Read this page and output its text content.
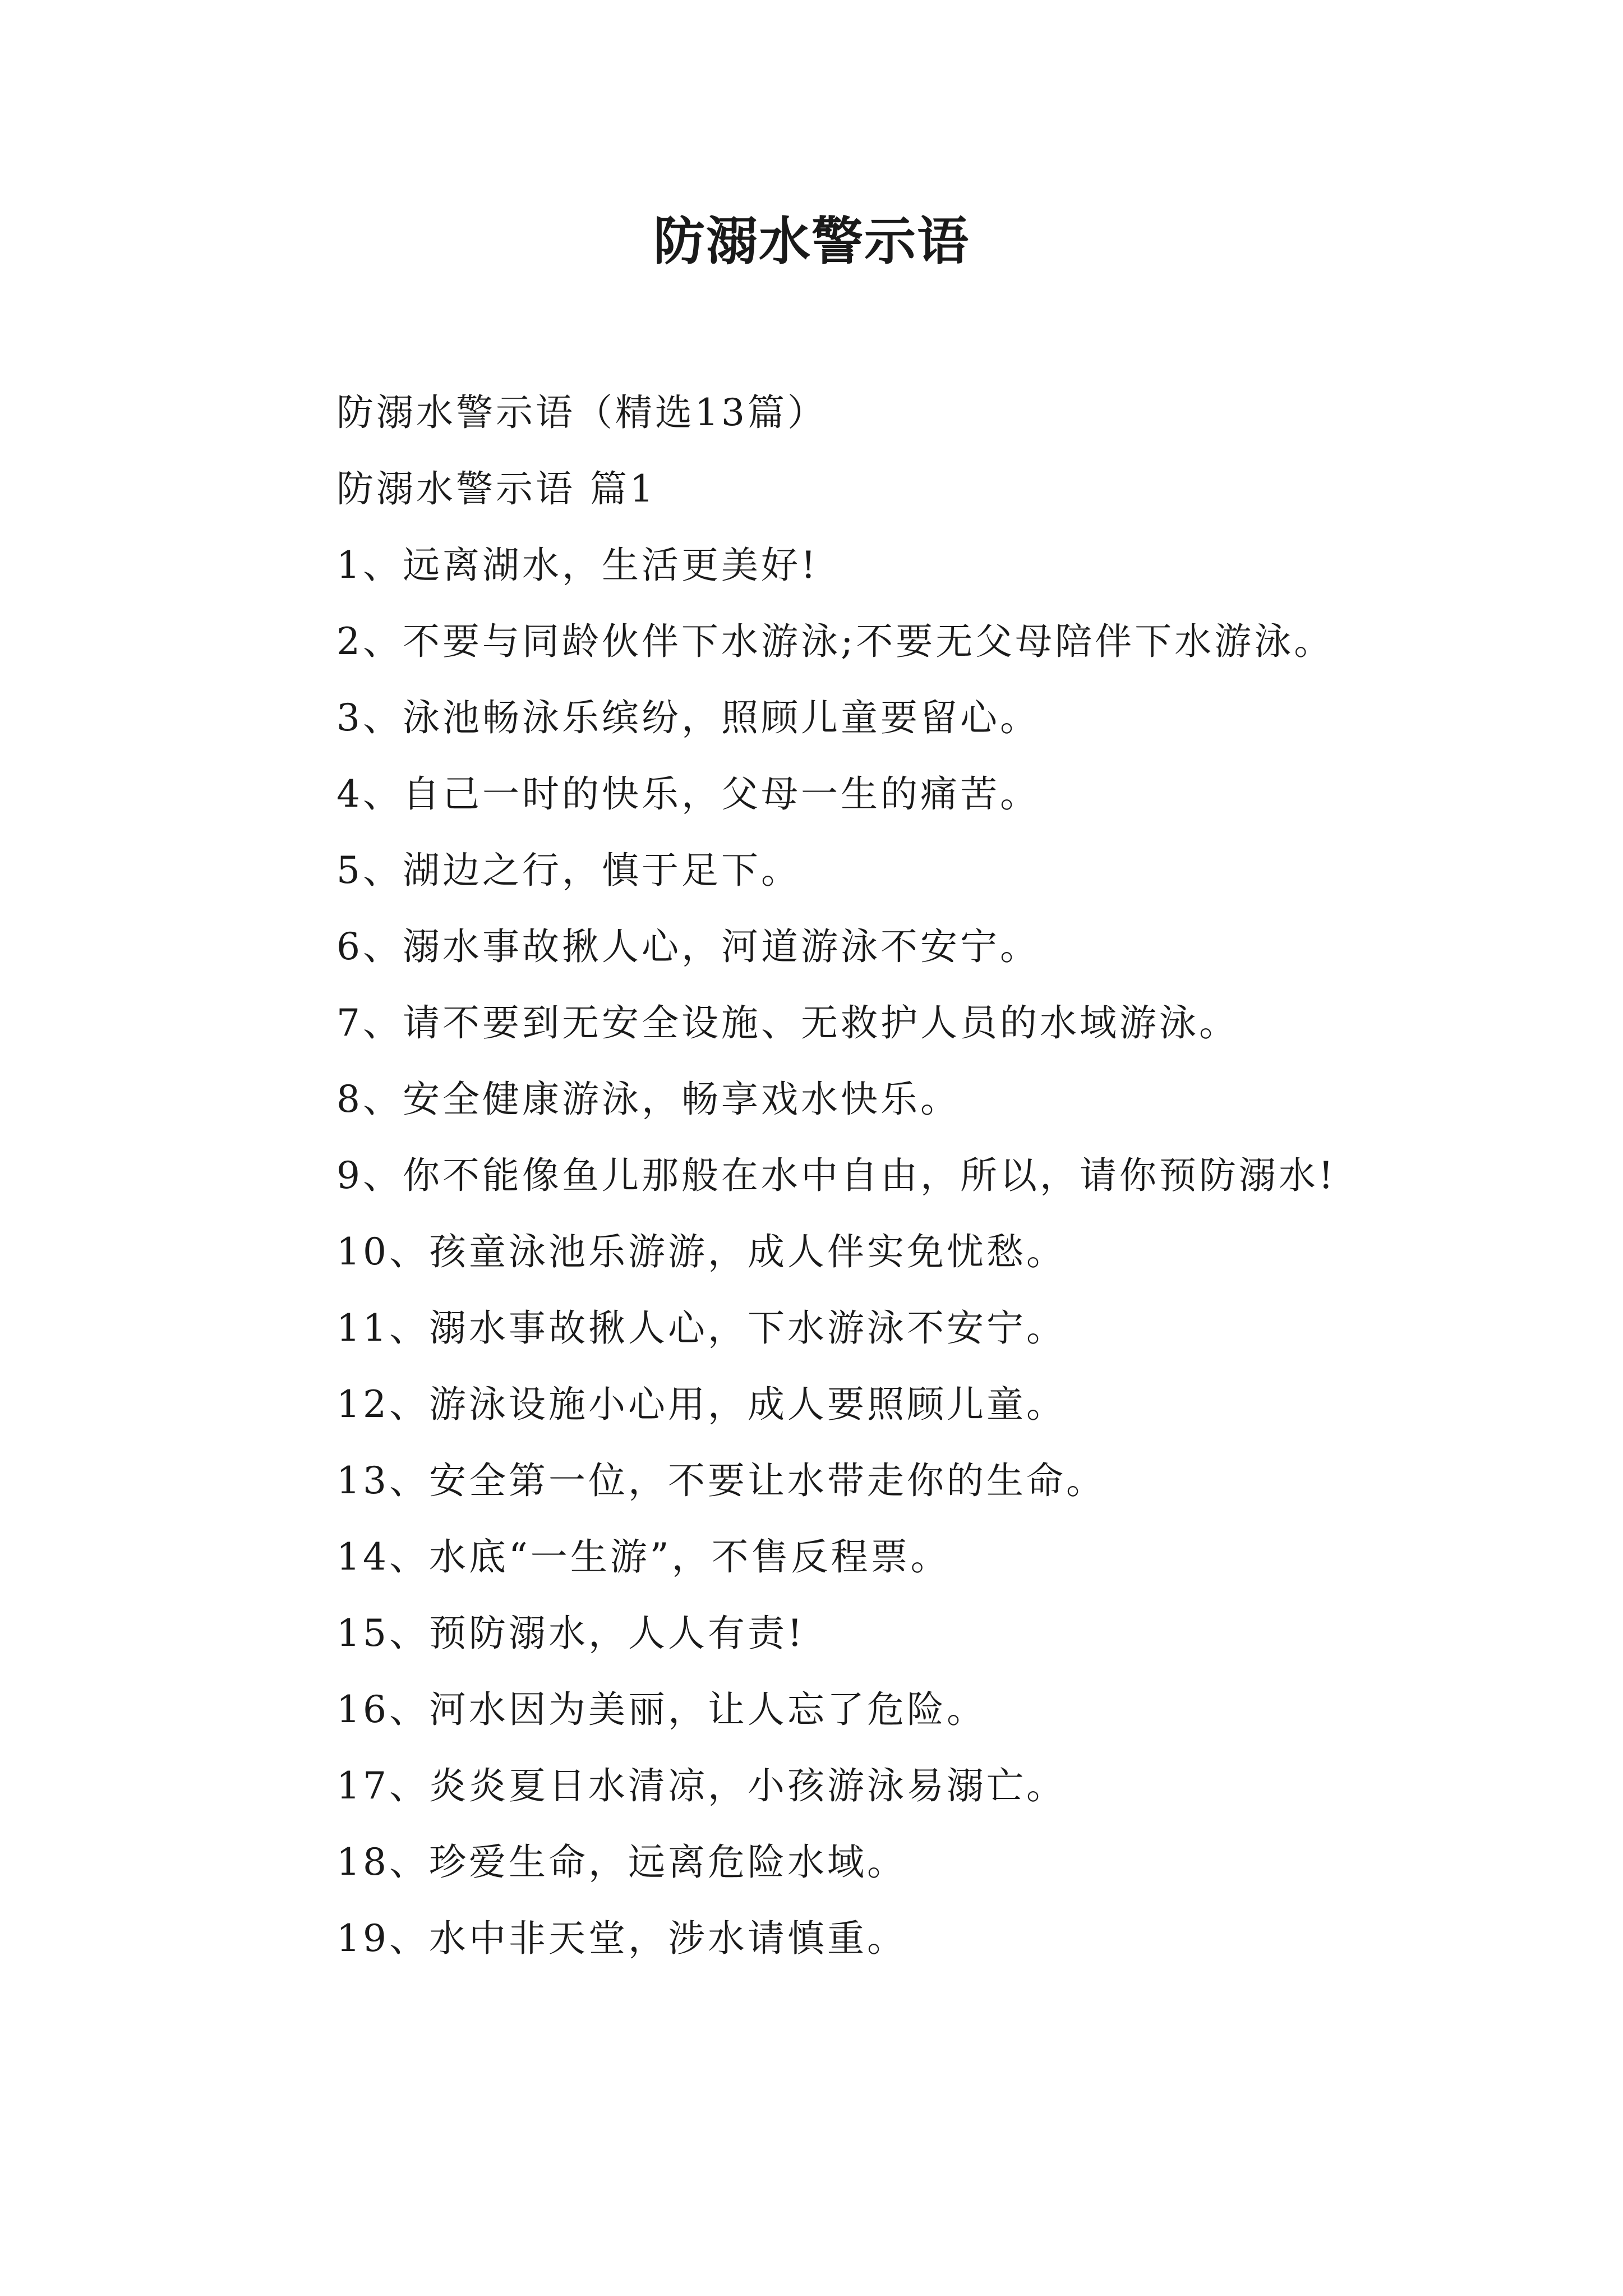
防溺水警示语

防溺水警示语（精选13篇）

防溺水警示语 篇1

1、远离湖水，生活更美好!

2、不要与同龄伙伴下水游泳;不要无父母陪伴下水游泳。

3、泳池畅泳乐缤纷，照顾儿童要留心。

4、自己一时的快乐，父母一生的痛苦。

5、湖边之行，慎于足下。

6、溺水事故揪人心，河道游泳不安宁。

7、请不要到无安全设施、无救护人员的水域游泳。

8、安全健康游泳，畅享戏水快乐。

9、你不能像鱼儿那般在水中自由，所以，请你预防溺水!

10、孩童泳池乐游游，成人伴实免忧愁。

11、溺水事故揪人心，下水游泳不安宁。

12、游泳设施小心用，成人要照顾儿童。

13、安全第一位，不要让水带走你的生命。

14、水底“一生游”，不售反程票。

15、预防溺水，人人有责!

16、河水因为美丽，让人忘了危险。

17、炎炎夏日水清凉，小孩游泳易溺亡。

18、珍爱生命，远离危险水域。

19、水中非天堂，涉水请慎重。
